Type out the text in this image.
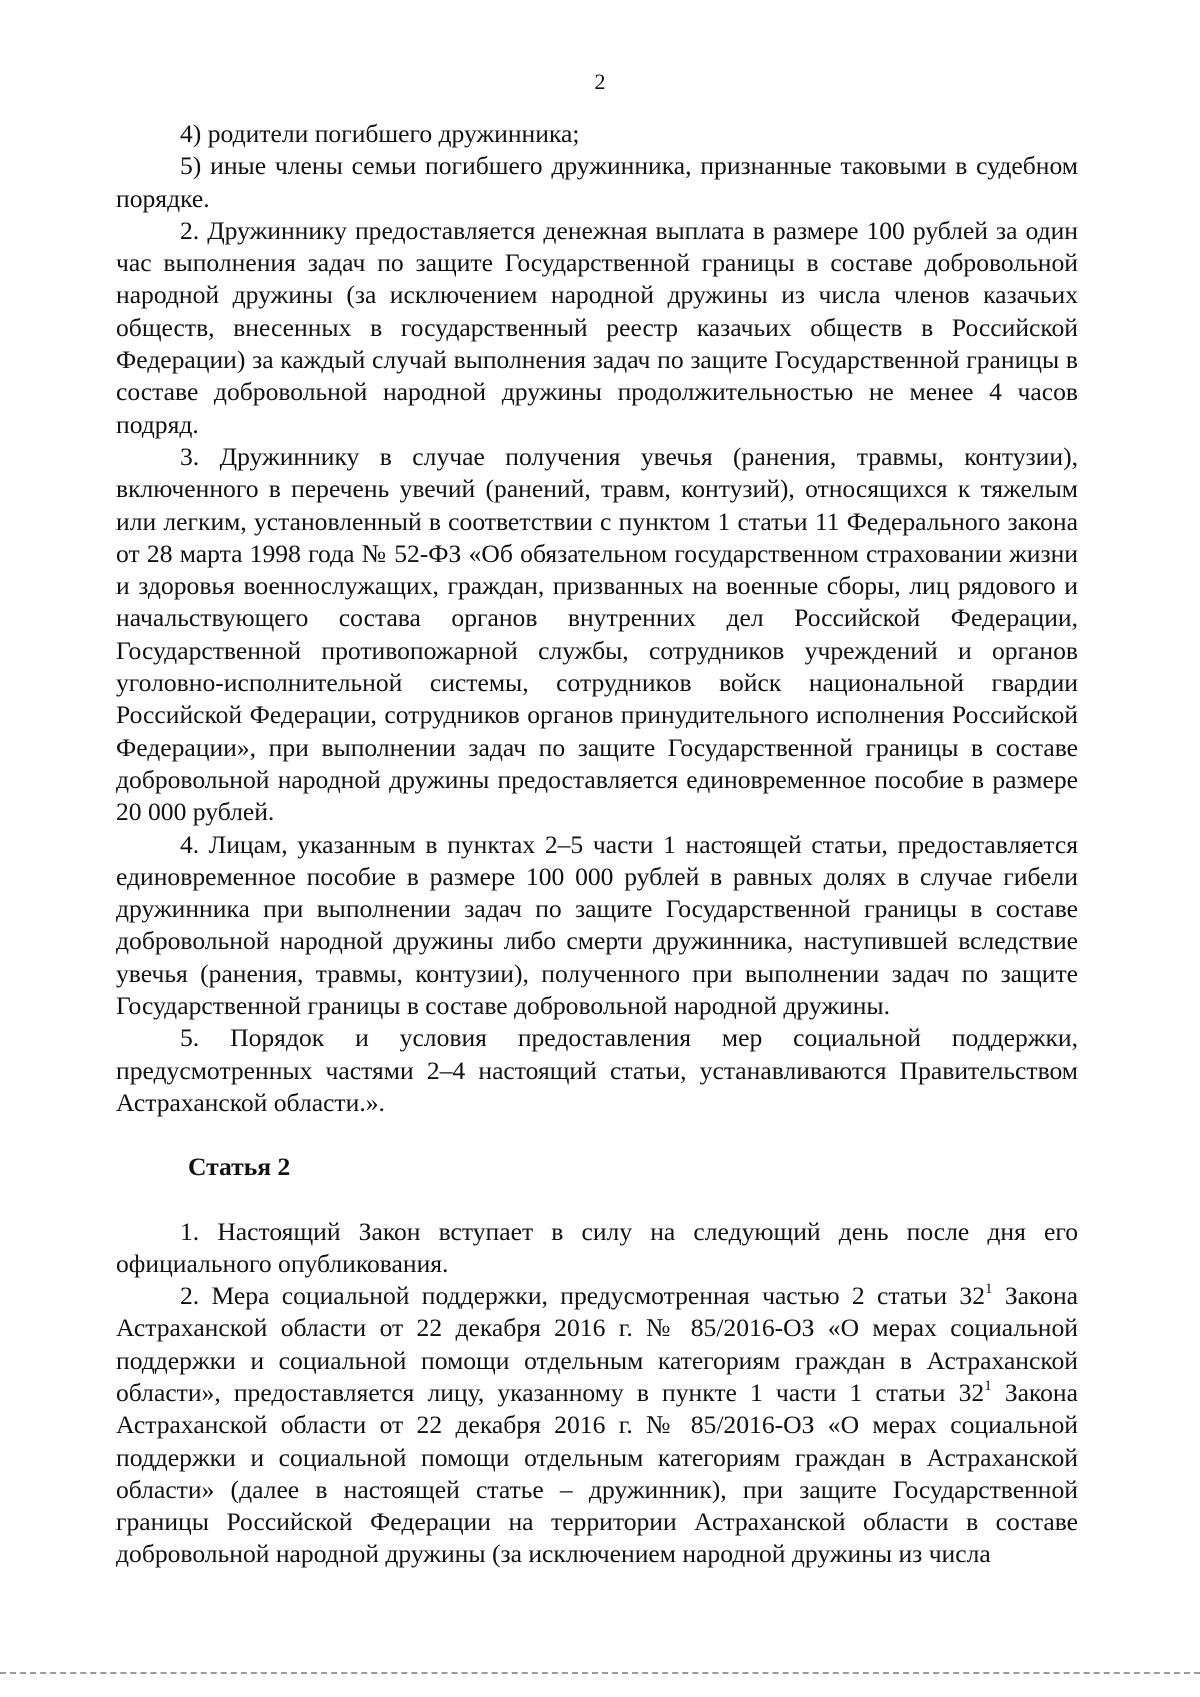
2

4) родители погибшего дружинника;

5) иные члены семьи погибшего дружинника, признанные таковыми в судебном порядке.

2. Дружиннику предоставляется денежная выплата в размере 100 рублей за один час выполнения задач по защите Государственной границы в составе добровольной народной дружины (за исключением народной дружины из числа членов казачьих обществ, внесенных в государственный реестр казачьих обществ в Российской Федерации) за каждый случай выполнения задач по защите Государственной границы в составе добровольной народной дружины продолжительностью не менее 4 часов подряд.

3. Дружиннику в случае получения увечья (ранения, травмы, контузии), включенного в перечень увечий (ранений, травм, контузий), относящихся к тяжелым или легким, установленный в соответствии с пунктом 1 статьи 11 Федерального закона от 28 марта 1998 года № 52-ФЗ «Об обязательном государственном страховании жизни и здоровья военнослужащих, граждан, призванных на военные сборы, лиц рядового и начальствующего состава органов внутренних дел Российской Федерации, Государственной противопожарной службы, сотрудников учреждений и органов уголовно-исполнительной системы, сотрудников войск национальной гвардии Российской Федерации, сотрудников органов принудительного исполнения Российской Федерации», при выполнении задач по защите Государственной границы в составе добровольной народной дружины предоставляется единовременное пособие в размере 20 000 рублей.

4. Лицам, указанным в пунктах 2–5 части 1 настоящей статьи, предоставляется единовременное пособие в размере 100 000 рублей в равных долях в случае гибели дружинника при выполнении задач по защите Государственной границы в составе добровольной народной дружины либо смерти дружинника, наступившей вследствие увечья (ранения, травмы, контузии), полученного при выполнении задач по защите Государственной границы в составе добровольной народной дружины.

5. Порядок и условия предоставления мер социальной поддержки, предусмотренных частями 2–4 настоящий статьи, устанавливаются Правительством Астраханской области.».

Статья 2

1. Настоящий Закон вступает в силу на следующий день после дня его официального опубликования.

2. Мера социальной поддержки, предусмотренная частью 2 статьи $32^1$ Закона Астраханской области от 22 декабря 2016 г. № 85/2016-ОЗ «О мерах социальной поддержки и социальной помощи отдельным категориям граждан в Астраханской области», предоставляется лицу, указанному в пункте 1 части 1 статьи $32^1$ Закона Астраханской области от 22 декабря 2016 г. № 85/2016-ОЗ «О мерах социальной поддержки и социальной помощи отдельным категориям граждан в Астраханской области» (далее в настоящей статье – дружинник), при защите Государственной границы Российской Федерации на территории Астраханской области в составе добровольной народной дружины (за исключением народной дружины из числа
